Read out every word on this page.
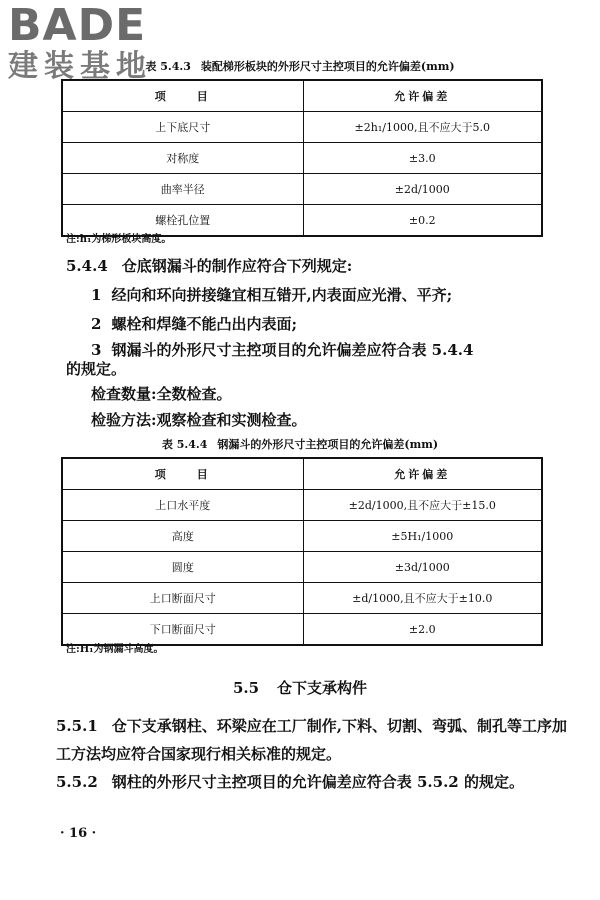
BADE
建装基地
表 5.4.3 装配梯形板块的外形尺寸主控项目的允许偏差(mm)
项　　目	允许偏差
上下底尺寸	±2h₁/1000,且不应大于5.0
对称度	±3.0
曲率半径	±2d/1000
螺栓孔位置	±0.2
注:h₁为梯形板块高度。
5.4.4 仓底钢漏斗的制作应符合下列规定:
1 经向和环向拼接缝宜相互错开,内表面应光滑、平齐;
2 螺栓和焊缝不能凸出内表面;
3 钢漏斗的外形尺寸主控项目的允许偏差应符合表 5.4.4
的规定。
检查数量:全数检查。
检验方法:观察检查和实测检查。
表 5.4.4 钢漏斗的外形尺寸主控项目的允许偏差(mm)
项　　目	允许偏差
上口水平度	±2d/1000,且不应大于±15.0
高度	±5H₁/1000
圆度	±3d/1000
上口断面尺寸	±d/1000,且不应大于±10.0
下口断面尺寸	±2.0
注:H₁为钢漏斗高度。
5.5 仓下支承构件
5.5.1 仓下支承钢柱、环梁应在工厂制作,下料、切割、弯弧、制孔等工序加工方法均应符合国家现行相关标准的规定。
5.5.2 钢柱的外形尺寸主控项目的允许偏差应符合表 5.5.2 的规定。
· 16 ·
